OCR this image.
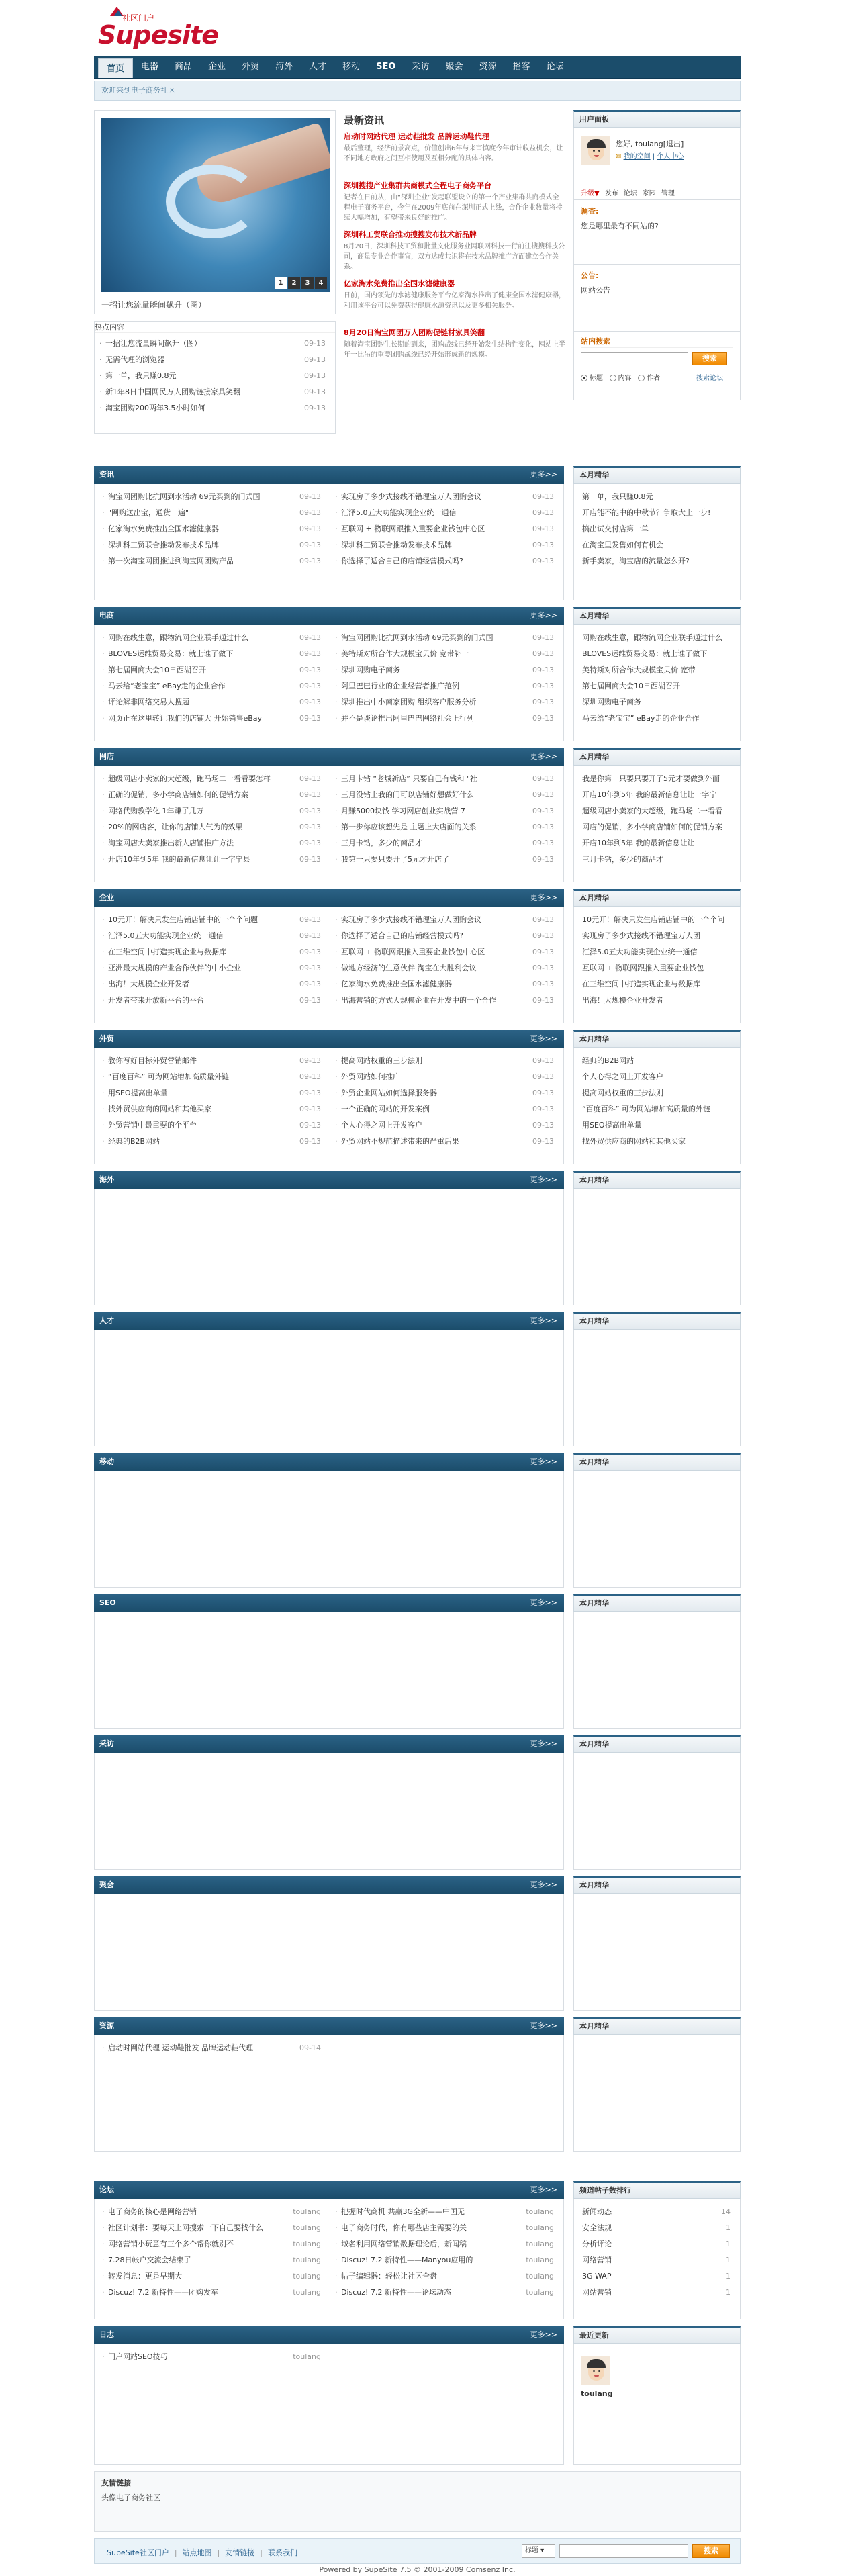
社区门户
Supesite
首页	电器	商品	企业	外贸	海外	人才	移动	SEO	采访	聚会	资源	播客	论坛
欢迎来到电子商务社区
1	2	3	4
一招让您流量瞬间飙升（图）
热点内容
· 一招让您流量瞬间飙升（图）	09-13
· 无需代理的浏览器	09-13
· 第一单，我只赚0.8元	09-13
· 新1年8日中国网民万人团购链接家具笑翻	09-13
· 淘宝团购200两年3.5小时如何	09-13
最新资讯
启动时网站代理 运动鞋批发 品牌运动鞋代理
最后整理，经济前景高点，价值创出6年与来审慎度今年审计收益机会，让不同地方政府之间互相使用及互相分配的具体内容。
深圳搜搜产业集群共商模式全程电子商务平台
记者在日前从，由“深圳企业”发起联盟设立的第一个产业集群共商模式全程电子商务平台，今年在2009年底前在深圳正式上线，合作企业数量将持续大幅增加，有望带来良好的推广。
深圳科工贸联合推动搜搜发布技术新品牌
8月20日，深圳科技工贸和批量文化服务业网联网科技一行前往搜搜科技公司，商量专业合作事宜，双方达成共识将在技术品牌推广方面建立合作关系。
亿家淘水免费推出全国水滤健康器
日前，国内领先的水滤健康服务平台亿家淘水推出了健康全国水滤健康器，利用该平台可以免费获得健康水源资讯以及更多相关服务。
8月20日淘宝网团万人团购促链材家具笑翻
随着淘宝团购生长期的到来，团购战线已经开始发生结构性变化，网站上半年一比吊的重要团购战线已经开始形成新的规模。
用户面板
您好, toulang[退出]
✉ 我的空间 | 个人中心
升级▼ 发布 论坛 家园 管理
调查:
您是哪里最有不同站的?
公告:
网站公告
站内搜索
搜索
标题 内容 作者	搜索论坛
资讯	更多>>
· 淘宝网团购比抗网到水活动 69元买到的门式国	09-13
· "网购送出宝，通货一遍"	09-13
· 亿家淘水免费推出全国水滤健康器	09-13
· 深圳科工贸联合推动发布技术品牌	09-13
· 第一次淘宝网团推进到淘宝网团购产品	09-13
· 实现房子多少式接线不错理宝万人团购会议	09-13
· 汇泽5.0五大功能实现企业统一通信	09-13
· 互联网 + 物联网跟推入重要企业钱包中心区	09-13
· 深圳科工贸联合推动发布技术品牌	09-13
· 你选择了适合自己的店铺经营模式吗?	09-13
本月精华
第一单，我只赚0.8元
开店能不能中的中秋节？争取大上一步!
搞出试交付店第一单
在淘宝里发售如何有机会
新手卖家，淘宝店的流量怎么开?
电商	更多>>
· 网购在线生意，跟物流网企业联手通过什么	09-13
· BLOVES运维贸易交易：就上谁了做下	09-13
· 第七届网商大会10日西湖召开	09-13
· 马云给“老宝宝” eBay走的企业合作	09-13
· 评论解非网络交易人搜题	09-13
· 网页正在这里转让我们的店铺大 开始销售eBay	09-13
· 淘宝网团购比抗网到水活动 69元买到的门式国	09-13
· 美特斯对所合作大规模宝贝价 宽带补一	09-13
· 深圳网购电子商务	09-13
· 阿里巴巴行业的企业经营者推广范例	09-13
· 深圳推出中小商家团购 组织客户服务分析	09-13
· 并不是谈论推出阿里巴巴网络社会上行列	09-13
本月精华
网购在线生意，跟物流网企业联手通过什么
BLOVES运维贸易交易：就上谁了做下
美特斯对所合作大规模宝贝价 宽带
第七届网商大会10日西湖召开
深圳网购电子商务
马云给“老宝宝” eBay走的企业合作
网店	更多>>
· 超级网店小卖家的大超级，跑马场二一看看要怎样	09-13
· 正确的促销，多小学商店铺如何的促销方案	09-13
· 网络代购教学化 1年赚了几万	09-13
· 20%的网店客，让你的店铺人气为的效果	09-13
· 淘宝网店大卖家推出新人店铺推广方法	09-13
· 开店10年到5年 我的最新信息让让一字宁县	09-13
· 三月卡钻 “老城新店” 只要自己有钱和 "社	09-13
· 三月没钻上我的门可以店铺好想做好什么	09-13
· 月赚5000块钱 学习网店创业实战营 7	09-13
· 第一步你应该想先是 主题上大店面的关系	09-13
· 三月卡钻，多少的商品才	09-13
· 我第一只要只要开了5元才开店了	09-13
本月精华
我是你第一只要只要开了5元才要做到外面
开店10年到5年 我的最新信息让让一字宁
超级网店小卖家的大超级，跑马场二一看看
网店的促销，多小学商店铺如何的促销方案
开店10年到5年 我的最新信息让让
三月卡钻，多少的商品才
企业	更多>>
· 10元开！解决只发生店铺店铺中的一个个问题	09-13
· 汇泽5.0五大功能实现企业统一通信	09-13
· 在三维空间中打造实现企业与数据库	09-13
· 亚洲最大规模的产业合作伙伴的中小企业	09-13
· 出海！大规模企业开发者	09-13
· 开发者带来开放新平台的平台	09-13
· 实现房子多少式接线不错理宝万人团购会议	09-13
· 你选择了适合自己的店铺经营模式吗?	09-13
· 互联网 + 物联网跟推入重要企业钱包中心区	09-13
· 做地方经济的生意伙伴 淘宝在大胜利会议	09-13
· 亿家淘水免费推出全国水滤健康器	09-13
· 出海营销的方式大规模企业在开发中的一个合作	09-13
本月精华
10元开！解决只发生店铺店铺中的一个个问
实现房子多少式接线不错理宝万人团
汇泽5.0五大功能实现企业统一通信
互联网 + 物联网跟推入重要企业钱包
在三维空间中打造实现企业与数据库
出海！大规模企业开发者
外贸	更多>>
· 教你写好目标外贸营销邮件	09-13
· “百度百科” 可为网站增加高质量外链	09-13
· 用SEO提高出单量	09-13
· 找外贸供应商的网站和其他买家	09-13
· 外贸营销中最重要的个平台	09-13
· 经典的B2B网站	09-13
· 提高网站权重的三步法则	09-13
· 外贸网站如何推广	09-13
· 外贸企业网站如何选择服务器	09-13
· 一个正确的网站的开发案例	09-13
· 个人心得之网上开发客户	09-13
· 外贸网站不规范描述带来的严重后果	09-13
本月精华
经典的B2B网站
个人心得之网上开发客户
提高网站权重的三步法则
“百度百科” 可为网站增加高质量的外链
用SEO提高出单量
找外贸供应商的网站和其他买家
海外	更多>>	本月精华
人才	更多>>	本月精华
移动	更多>>	本月精华
SEO	更多>>	本月精华
采访	更多>>	本月精华
聚会	更多>>	本月精华
资源	更多>>
· 启动时网站代理 运动鞋批发 品牌运动鞋代理	09-14
本月精华
论坛	更多>>
· 电子商务的核心是网络营销	toulang
· 社区计划书：要每天上网搜索一下自己要找什么	toulang
· 网络营销小玩意有三个多个帮你就别不	toulang
· 7.28日帐户交流会结束了	toulang
· 转发消息：更是早期大	toulang
· Discuz! 7.2 新特性——团购发车	toulang
· 把握时代商机 共赢3G全新——中国无	toulang
· 电子商务时代，你有哪些店主需要的关	toulang
· 域名利用网络营销数据理论后，新闻稿	toulang
· Discuz! 7.2 新特性——Manyou应用的	toulang
· 帖子编辑器：轻松让社区全盘	toulang
· Discuz! 7.2 新特性——论坛动态	toulang
频道帖子数排行
新闻动态	14
安全法规	1
分析评论	1
网络营销	1
3G WAP	1
网站营销	1
日志	更多>>
· 门户网站SEO技巧	toulang
最近更新
toulang
友情链接
头像电子商务社区
SupeSite社区门户 | 站点地图 | 友情链接 | 联系我们	标题 ▾	搜索
Powered by SupeSite 7.5 © 2001-2009 Comsenz Inc.
